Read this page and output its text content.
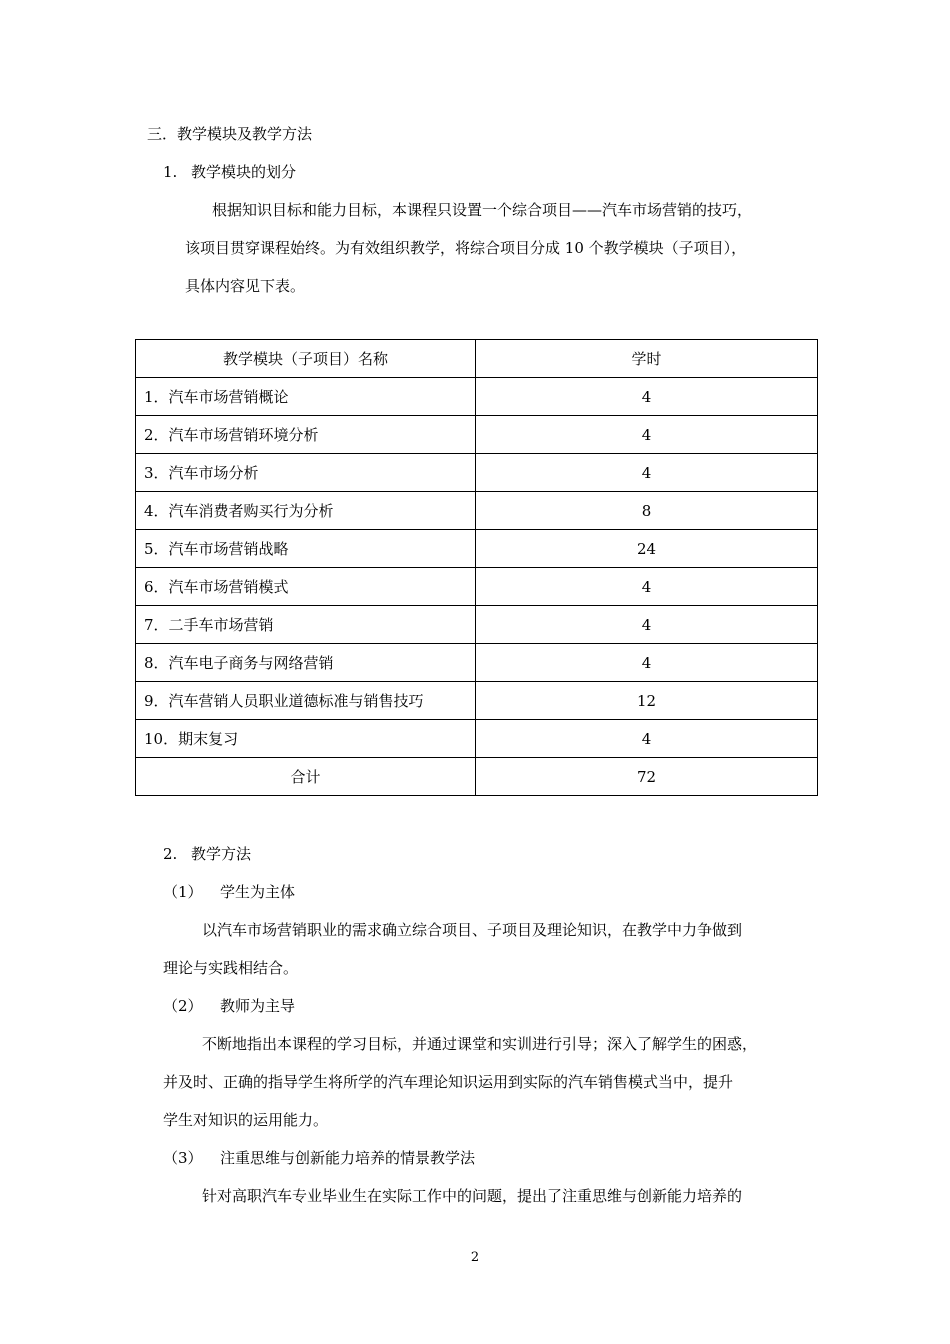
三．教学模块及教学方法
1. 教学模块的划分
根据知识目标和能力目标，本课程只设置一个综合项目——汽车市场营销的技巧，
该项目贯穿课程始终。为有效组织教学，将综合项目分成 10 个教学模块（子项目），
具体内容见下表。
教学模块（子项目）名称	学时
1．汽车市场营销概论	4
2．汽车市场营销环境分析	4
3．汽车市场分析	4
4．汽车消费者购买行为分析	8
5．汽车市场营销战略	24
6．汽车市场营销模式	4
7．二手车市场营销	4
8．汽车电子商务与网络营销	4
9．汽车营销人员职业道德标准与销售技巧	12
10．期末复习	4
合计	72
2. 教学方法
（1） 学生为主体
以汽车市场营销职业的需求确立综合项目、子项目及理论知识，在教学中力争做到
理论与实践相结合。
（2） 教师为主导
不断地指出本课程的学习目标，并通过课堂和实训进行引导；深入了解学生的困惑，
并及时、正确的指导学生将所学的汽车理论知识运用到实际的汽车销售模式当中，提升
学生对知识的运用能力。
（3） 注重思维与创新能力培养的情景教学法
针对高职汽车专业毕业生在实际工作中的问题，提出了注重思维与创新能力培养的
2
